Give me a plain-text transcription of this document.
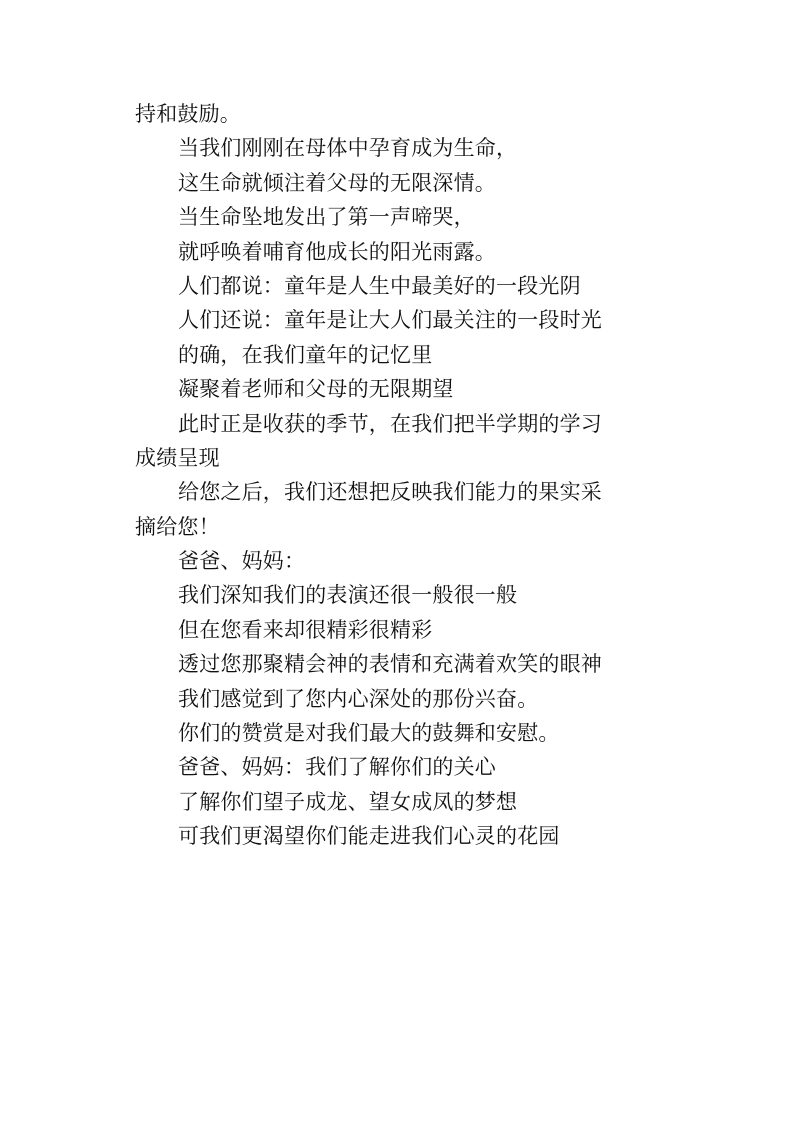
持和鼓励。
当我们刚刚在母体中孕育成为生命，
这生命就倾注着父母的无限深情。
当生命坠地发出了第一声啼哭，
就呼唤着哺育他成长的阳光雨露。
人们都说：童年是人生中最美好的一段光阴
人们还说：童年是让大人们最关注的一段时光
的确，在我们童年的记忆里
凝聚着老师和父母的无限期望
此时正是收获的季节，在我们把半学期的学习
成绩呈现
给您之后，我们还想把反映我们能力的果实采
摘给您！
爸爸、妈妈：
我们深知我们的表演还很一般很一般
但在您看来却很精彩很精彩
透过您那聚精会神的表情和充满着欢笑的眼神
我们感觉到了您内心深处的那份兴奋。
你们的赞赏是对我们最大的鼓舞和安慰。
爸爸、妈妈：我们了解你们的关心
了解你们望子成龙、望女成凤的梦想
可我们更渴望你们能走进我们心灵的花园
